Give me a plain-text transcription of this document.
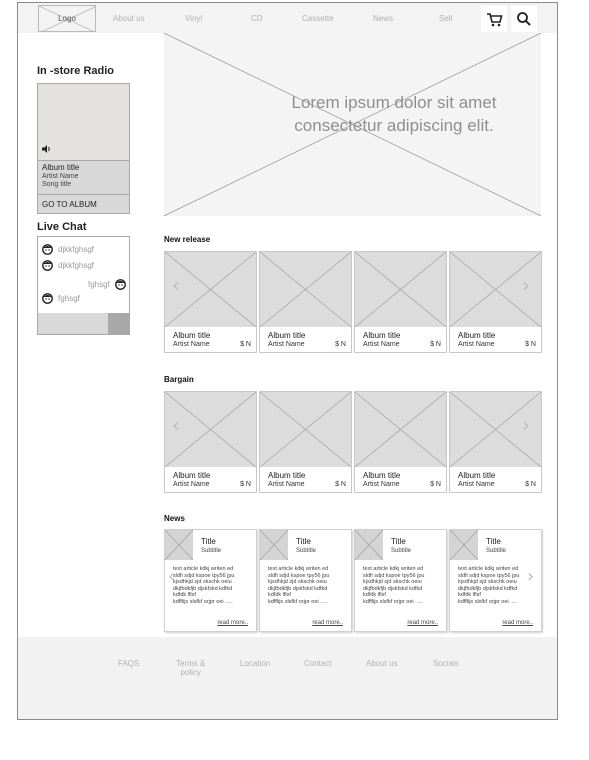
Logo	About us	Vinyl	CD	Cassette	News	Sell
In -store Radio
Album title
Artist Name
Song title
GO TO ALBUM
Live Chat
djkkfghsgf
djkkfghsgf
fghsgf
fghsgf
Lorem ipsum dolor sit amet consectetur adipiscing elit.
New release
Album title
Artist Name	$ N
Album title
Artist Name	$ N
Album title
Artist Name	$ N
Album title
Artist Name	$ N
‹	›
Bargain
Album title
Artist Name	$ N
Album title
Artist Name	$ N
Album title
Artist Name	$ N
Album title
Artist Name	$ N
‹	›
News
Title
Subtitle
text article kdkj writen ed
sldfi sdjd kspoe tpy56 jpu
kjsdhkjd sjd skschk oeiu
dkjfbdkfjb djskfskd kdfkd
kdfdk lflsf
kdfflijs slsfkf orjpr oei .....
read more..
Title
Subtitle
text article kdkj writen ed
sldfi sdjd kspoe tpy56 jpu
kjsdhkjd sjd skschk oeiu
dkjfbdkfjb djskfskd kdfkd
kdfdk lflsf
kdfflijs slsfkf orjpr oei .....
read more..
Title
Subtitle
text article kdkj writen ed
sldfi sdjd kspoe tpy56 jpu
kjsdhkjd sjd skschk oeiu
dkjfbdkfjb djskfskd kdfkd
kdfdk lflsf
kdfflijs slsfkf orjpr oei .....
read more..
Title
Subtitle
text article kdkj writen ed
sldfi sdjd kspoe tpy56 jpu
kjsdhkjd sjd skschk oeiu
dkjfbdkfjb djskfskd kdfkd
kdfdk lflsf
kdfflijs slsfkf orjpr oei .....
read more..
‹	›
FAQS	Terms &
policy
Location	Contact	About us	Socials
